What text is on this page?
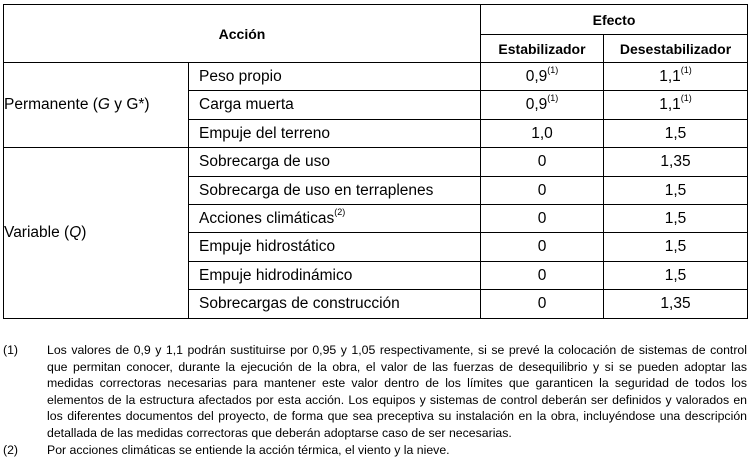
Acción		Efecto	
		Estabilizador	Desestabilizador
Permanente (G y G*)	Peso propio	0,9$^{(1)}$	1,1$^{(1)}$
	Carga muerta	0,9$^{(1)}$	1,1$^{(1)}$
	Empuje del terreno	1,0	1,5
Variable (Q)	Sobrecarga de uso	0	1,35
	Sobrecarga de uso en terraplenes	0	1,5
	Acciones climáticas$^{(2)}$	0	1,5
	Empuje hidrostático	0	1,5
	Empuje hidrodinámico	0	1,5
	Sobrecargas de construcción	0	1,35
(1)	Los valores de 0,9 y 1,1 podrán sustituirse por 0,95 y 1,05 respectivamente, si se prevé la colocación de sistemas de control que permitan conocer, durante la ejecución de la obra, el valor de las fuerzas de desequilibrio y si se pueden adoptar las medidas correctoras necesarias para mantener este valor dentro de los límites que garanticen la seguridad de todos los elementos de la estructura afectados por esta acción. Los equipos y sistemas de control deberán ser definidos y valorados en los diferentes documentos del proyecto, de forma que sea preceptiva su instalación en la obra, incluyéndose una descripción detallada de las medidas correctoras que deberán adoptarse caso de ser necesarias.
(2)	Por acciones climáticas se entiende la acción térmica, el viento y la nieve.
